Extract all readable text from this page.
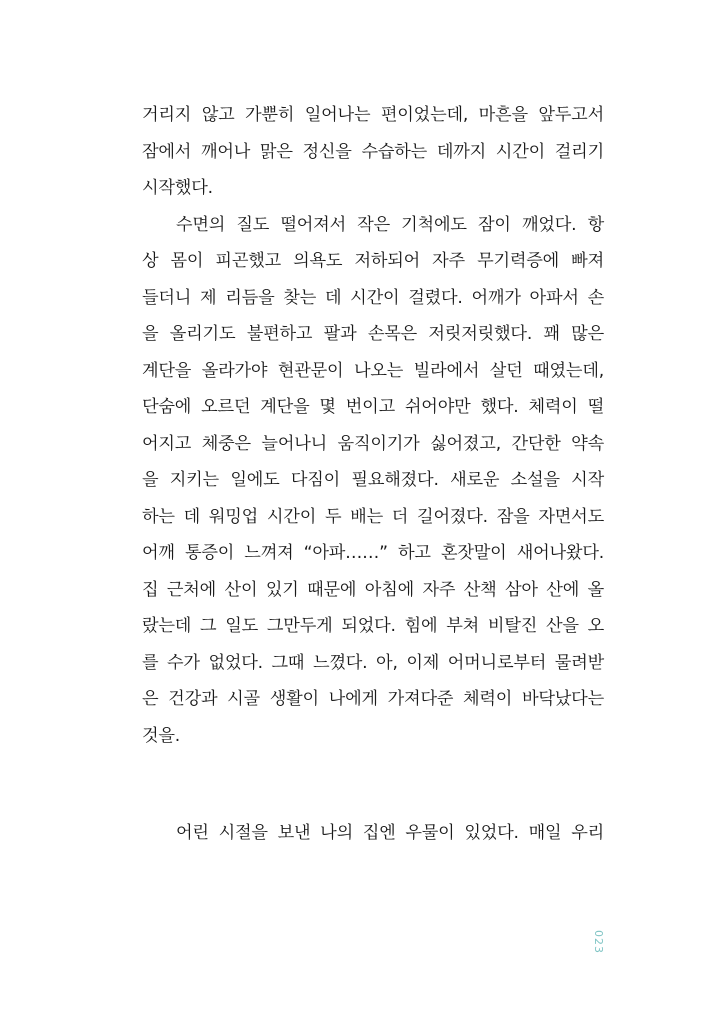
거리지 않고 가뿐히 일어나는 편이었는데, 마흔을 앞두고서
잠에서 깨어나 맑은 정신을 수습하는 데까지 시간이 걸리기
시작했다.
수면의 질도 떨어져서 작은 기척에도 잠이 깨었다. 항
상 몸이 피곤했고 의욕도 저하되어 자주 무기력증에 빠져
들더니 제 리듬을 찾는 데 시간이 걸렸다. 어깨가 아파서 손
을 올리기도 불편하고 팔과 손목은 저릿저릿했다. 꽤 많은
계단을 올라가야 현관문이 나오는 빌라에서 살던 때였는데,
단숨에 오르던 계단을 몇 번이고 쉬어야만 했다. 체력이 떨
어지고 체중은 늘어나니 움직이기가 싫어졌고, 간단한 약속
을 지키는 일에도 다짐이 필요해졌다. 새로운 소설을 시작
하는 데 워밍업 시간이 두 배는 더 길어졌다. 잠을 자면서도
어깨 통증이 느껴져 “아파……” 하고 혼잣말이 새어나왔다.
집 근처에 산이 있기 때문에 아침에 자주 산책 삼아 산에 올
랐는데 그 일도 그만두게 되었다. 힘에 부쳐 비탈진 산을 오
를 수가 없었다. 그때 느꼈다. 아, 이제 어머니로부터 물려받
은 건강과 시골 생활이 나에게 가져다준 체력이 바닥났다는
것을.
어린 시절을 보낸 나의 집엔 우물이 있었다. 매일 우리
023
